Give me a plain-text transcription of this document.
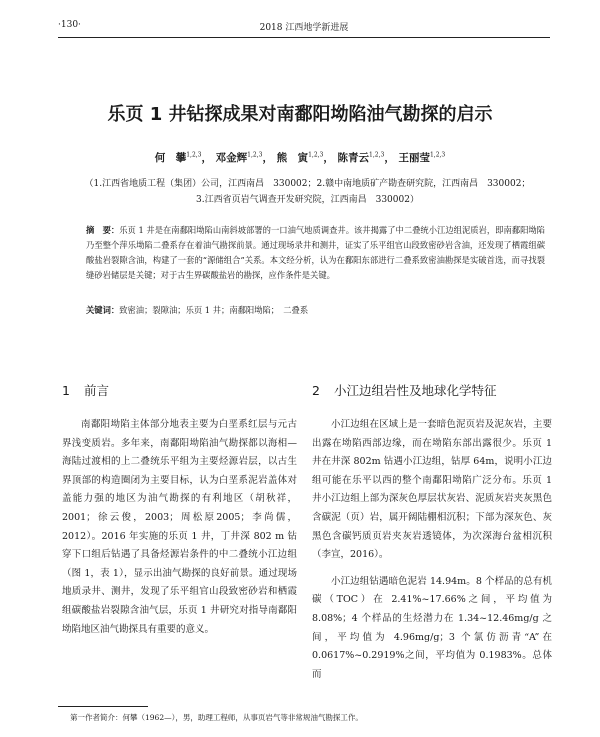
·130·	2018 江西地学新进展
乐页 1 井钻探成果对南鄱阳坳陷油气勘探的启示
何　攀$^{1,2,3}$， 邓金辉$^{1,2,3}$， 熊　寅$^{1,2,3}$， 陈青云$^{1,2,3}$， 王丽莹$^{1,2,3}$
（1.江西省地质工程（集团）公司，江西南昌　330002；2.赣中南地质矿产勘查研究院，江西南昌　330002；
3.江西省页岩气调查开发研究院，江西南昌　330002）
摘　要：乐页 1 井是在南鄱阳坳陷山南斜坡部署的一口油气地质调查井。该井揭露了中二叠统小江边组泥质岩，即南鄱阳坳陷乃至整个萍乐坳陷二叠系存在着油气勘探前景。通过现场录井和测井，证实了乐平组官山段致密砂岩含油，还发现了栖霞组碳酸盐岩裂隙含油，构建了一套的“源储组合”关系。本文经分析，认为在鄱阳东部进行二叠系致密油勘探是实破首选，而寻找裂缝砂岩储层是关键；对于古生界碳酸盐岩的勘探，应作条件是关键。
关键词：致密油；裂隙油；乐页 1 井；南鄱阳坳陷；　二叠系
1 前言

南鄱阳坳陷主体部分地表主要为白垩系红层与元古界浅变质岩。多年来，南鄱阳坳陷油气勘探都以海相—海陆过渡相的上二叠统乐平组为主要烃源岩层，以古生界顶部的构造圈闭为主要目标，认为白垩系泥岩盖体对盖能力强的地区为油气勘探的有利地区（胡秋祥，2001；徐云俊，2003；周松原2005；李尚儒，2012）。2016 年实施的乐页 1 井，丁井深 802 m 钻穿下口组后钻遇了具备烃源岩条件的中二叠统小江边组（图 1，表 1），显示出油气勘探的良好前景。通过现场地质录井、测井，发现了乐平组官山段致密砂岩和栖霞组碳酸盐岩裂隙含油气层，乐页 1 井研究对指导南鄱阳坳陷地区油气勘探具有重要的意义。

2 小江边组岩性及地球化学特征

小江边组在区域上是一套暗色泥页岩及泥灰岩，主要出露在坳陷西部边缘，而在坳陷东部出露很少。乐页 1 井在井深 802m 钻遇小江边组，钻厚 64m，说明小江边组可能在乐平以西的整个南鄱阳坳陷广泛分布。乐页 1 井小江边组上部为深灰色厚层状灰岩、泥质灰岩夹灰黑色含碳泥（页）岩，属开阔陆棚相沉积；下部为深灰色、灰黑色含碳钙质页岩夹灰岩透镜体，为次深海台盆相沉积（李宣，2016）。

小江边组钻遇暗色泥岩 14.94m。8 个样品的总有机碳（TOC）在 2.41%~17.66%之间，平均值为 8.08%；4 个样品的生烃潜力在 1.34~12.46mg/g 之间，平均值为 4.96mg/g；3 个氯仿沥青“A”在 0.0617%~0.2919%之间，平均值为 0.1983%。总体而

第一作者简介：何攀（1962—），男，助理工程师，从事页岩气等非常规油气勘探工作。
